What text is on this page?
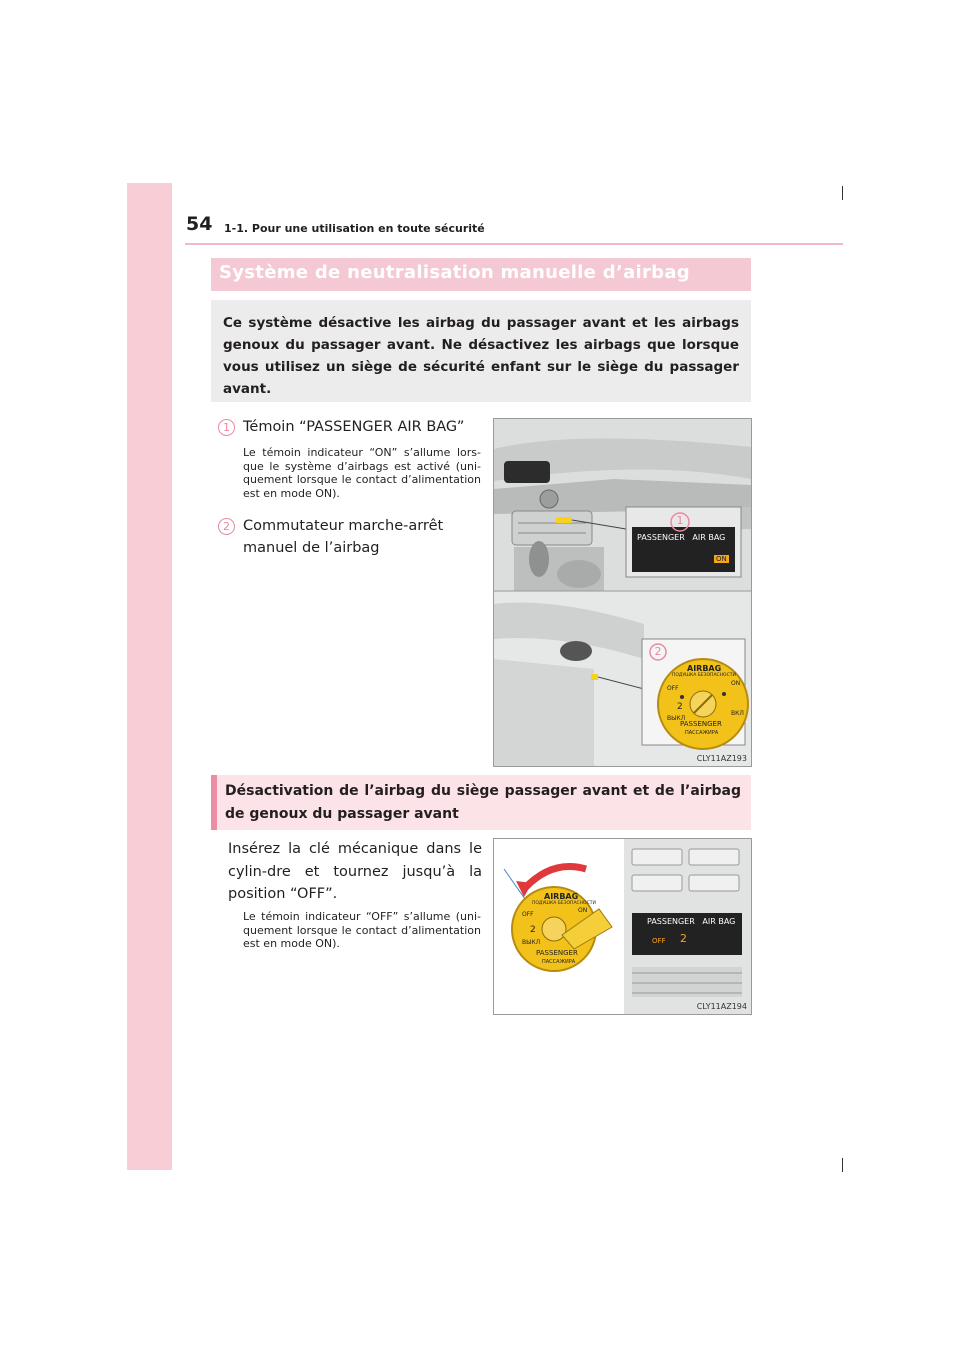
54 1-1. Pour une utilisation en toute sécurité
Système de neutralisation manuelle d’airbag

Ce système désactive les airbag du passager avant et les airbags genoux du passager avant. Ne désactivez les airbags que lorsque vous utilisez un siège de sécurité enfant sur le siège du passager avant.

1 Témoin “PASSENGER AIR BAG”
Le témoin indicateur “ON” s’allume lors-que le système d’airbags est activé (uni-quement lorsque le contact d’alimentation est en mode ON).
2 Commutateur marche-arrêt manuel de l’airbag
1
PASSENGER   AIR BAG
ON
2
AIRBAG
ПОДУШКА БЕЗОПАСНОСТИ
OFF
ON
2
ВЫКЛ
ВКЛ
PASSENGER
ПАССАЖИРА
CLY11AZ193

Désactivation de l’airbag du siège passager avant et de l’airbag de genoux du passager avant

Insérez la clé mécanique dans le cylin-dre et tournez jusqu’à la position “OFF”.
Le témoin indicateur “OFF” s’allume (uni-quement lorsque le contact d’alimentation est en mode ON).
AIRBAG
ПОДУШКА БЕЗОПАСНОСТИ
OFF
ON
2
ВЫКЛ
PASSENGER
ПАССАЖИРА
PASSENGER   AIR BAG
OFF 2
CLY11AZ194
